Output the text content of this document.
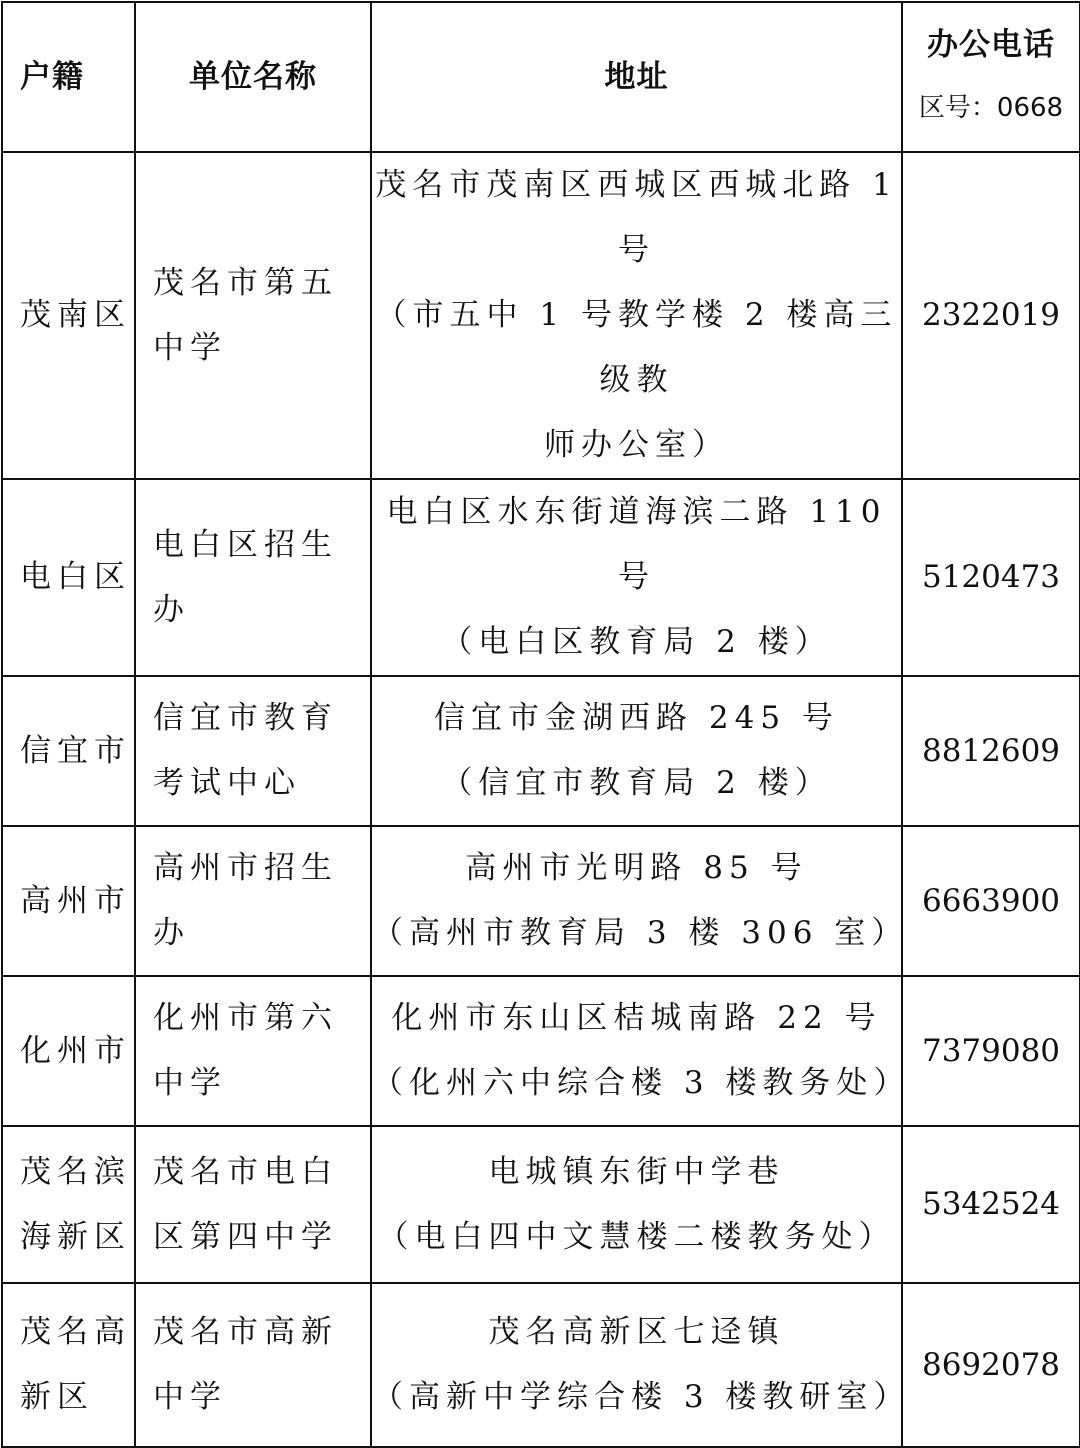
户籍	单位名称	地址	办公电话
区号：0668

茂南区	茂名市第五中学	茂名市茂南区西城区西城北路 1 号
（市五中 1 号教学楼 2 楼高三级教
师办公室）	2322019
电白区	电白区招生办	电白区水东街道海滨二路 110 号
（电白区教育局 2 楼）	5120473
信宜市	信宜市教育考试中心	信宜市金湖西路 245 号
（信宜市教育局 2 楼）	8812609
高州市	高州市招生办	高州市光明路 85 号
（高州市教育局 3 楼 306 室）	6663900
化州市	化州市第六中学	化州市东山区桔城南路 22 号
（化州六中综合楼 3 楼教务处）	7379080
茂名滨海新区	茂名市电白区第四中学	电城镇东街中学巷
（电白四中文慧楼二楼教务处）	5342524
茂名高新区	茂名市高新中学	茂名高新区七迳镇
（高新中学综合楼 3 楼教研室）	8692078
